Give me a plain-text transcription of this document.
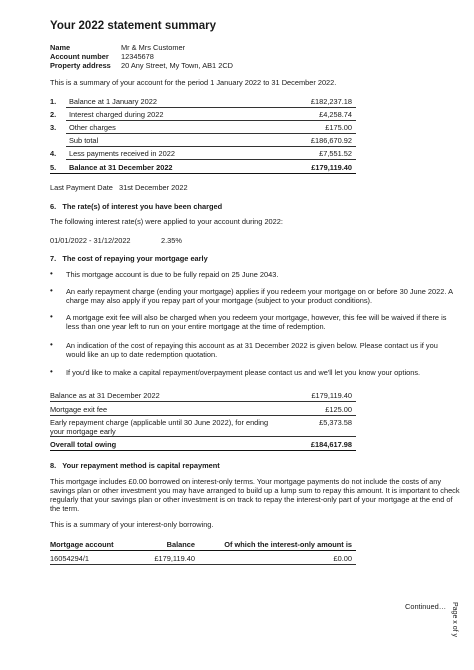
Your 2022 statement summary
Name	Mr & Mrs Customer
Account number 12345678
Property address 20 Any Street, My Town, AB1 2CD
This is a summary of your account for the period 1 January 2022 to 31 December 2022.
1. Balance at 1 January 2022	£182,237.18
2. Interest charged during 2022	£4,258.74
3. Other charges	£175.00
Sub total	£186,670.92
4. Less payments received in 2022	£7,551.52
5. Balance at 31 December 2022	£179,119.40
Last Payment Date   31st December 2022
6.   The rate(s) of interest you have been charged
The following interest rate(s) were applied to your account during 2022:
01/01/2022 - 31/12/2022	2.35%
7.   The cost of repaying your mortgage early
•	This mortgage account is due to be fully repaid on 25 June 2043.
•	An early repayment charge (ending your mortgage) applies if you redeem your mortgage on or before 30 June 2022. A charge may also apply if you repay part of your mortgage (subject to your product conditions).
•	A mortgage exit fee will also be charged when you redeem your mortgage, however, this fee will be waived if there is less than one year left to run on your entire mortgage at the time of redemption.
•	An indication of the cost of repaying this account as at 31 December 2022 is given below. Please contact us if you would like an up to date redemption quotation.
•	If you'd like to make a capital repayment/overpayment please contact us and we'll let you know your options.
Balance as at 31 December 2022	£179,119.40
Mortgage exit fee	£125.00
Early repayment charge (applicable until 30 June 2022), for ending your mortgage early
£5,373.58
Overall total owing	£184,617.98
8.   Your repayment method is capital repayment
This mortgage includes £0.00 borrowed on interest-only terms. Your mortgage payments do not include the costs of any savings plan or other investment you may have arranged to build up a lump sum to repay this amount. It is important to check regularly that your savings plan or other investment is on track to repay the interest-only part of your mortgage at the end of the term.
This is a summary of your interest-only borrowing.
Mortgage account	Balance	Of which the interest-only amount is
16054294/1	£179,119.40	£0.00
Continued… Page x of y
